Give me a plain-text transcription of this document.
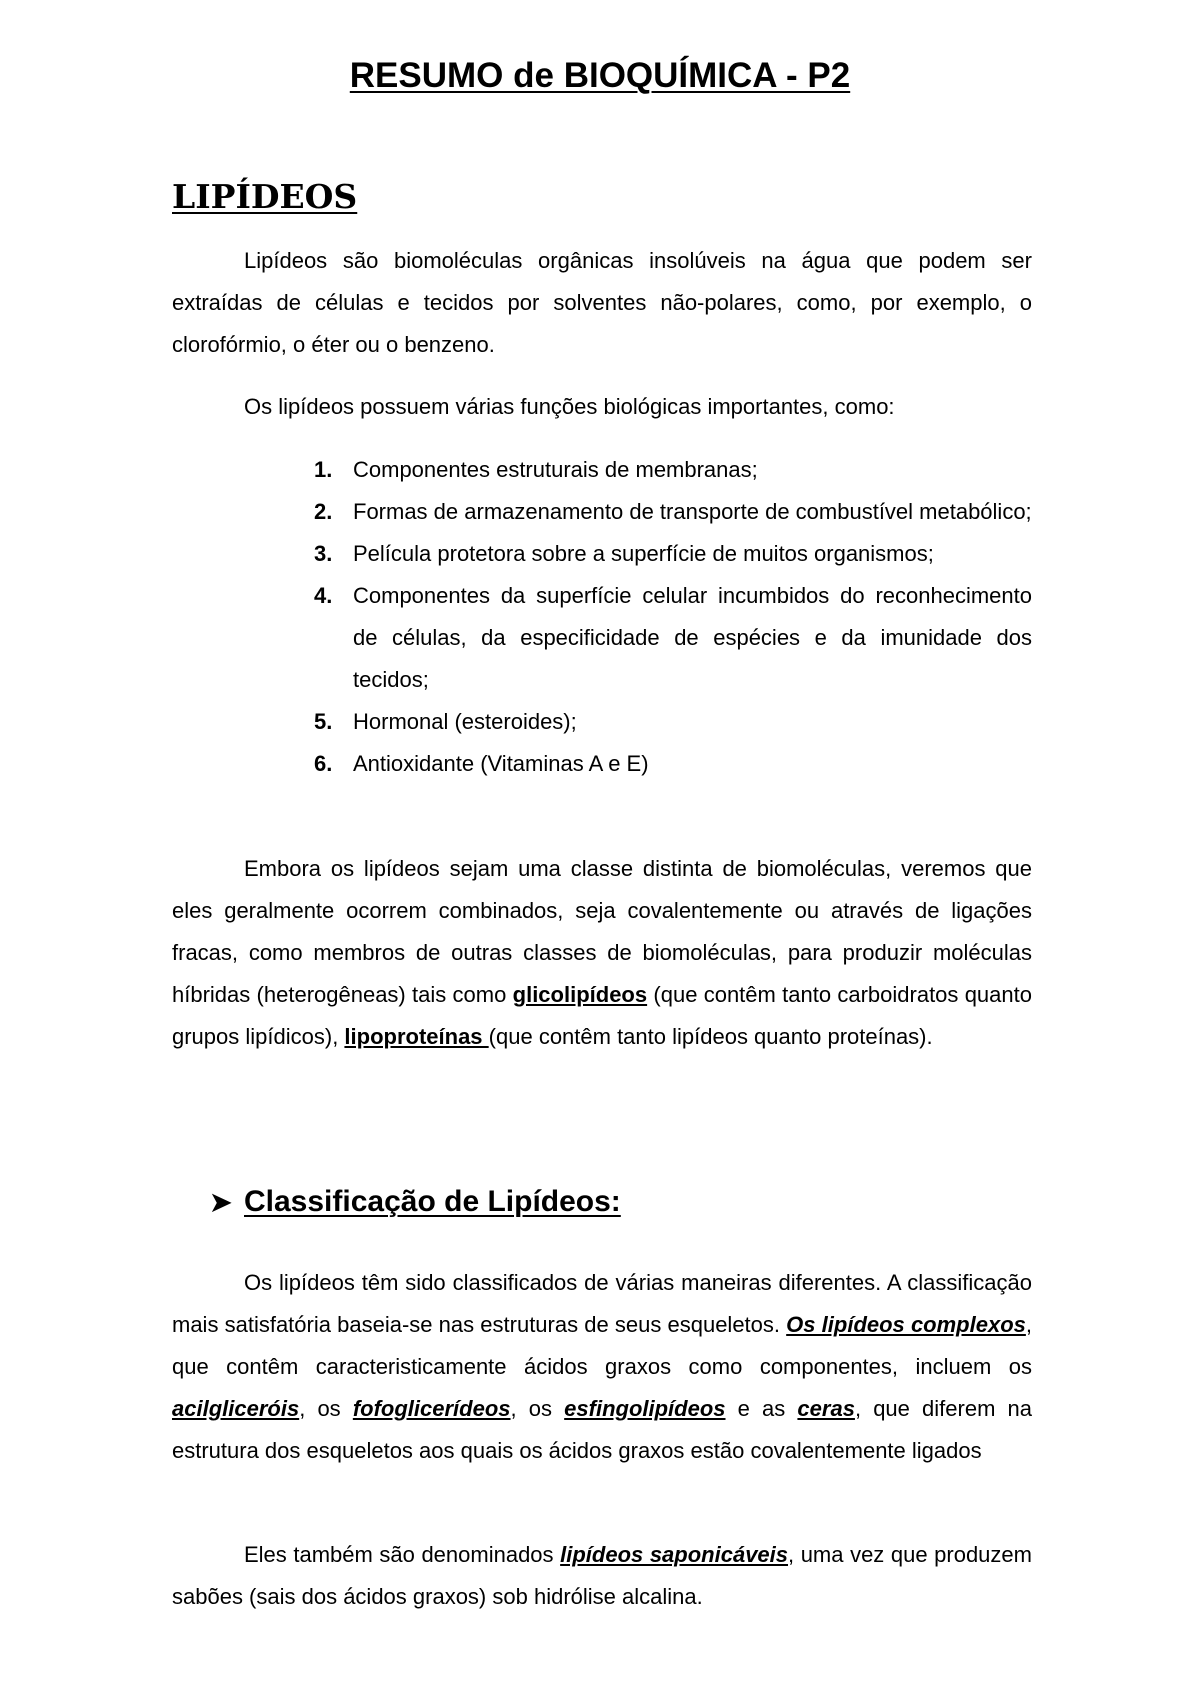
RESUMO de BIOQUÍMICA - P2
LIPÍDEOS

Lipídeos são biomoléculas orgânicas insolúveis na água que podem ser extraídas de células e tecidos por solventes não-polares, como, por exemplo, o clorofórmio, o éter ou o benzeno.

Os lipídeos possuem várias funções biológicas importantes, como:

1. Componentes estruturais de membranas;
2. Formas de armazenamento de transporte de combustível metabólico;
3. Película protetora sobre a superfície de muitos organismos;
4. Componentes da superfície celular incumbidos do reconhecimento de células, da especificidade de espécies e da imunidade dos tecidos;
5. Hormonal (esteroides);
6. Antioxidante (Vitaminas A e E)

Embora os lipídeos sejam uma classe distinta de biomoléculas, veremos que eles geralmente ocorrem combinados, seja covalentemente ou através de ligações fracas, como membros de outras classes de biomoléculas, para produzir moléculas híbridas (heterogêneas) tais como glicolipídeos (que contêm tanto carboidratos quanto grupos lipídicos), lipoproteínas (que contêm tanto lipídeos quanto proteínas).

➤ Classificação de Lipídeos:

Os lipídeos têm sido classificados de várias maneiras diferentes. A classificação mais satisfatória baseia-se nas estruturas de seus esqueletos. Os lipídeos complexos, que contêm caracteristicamente ácidos graxos como componentes, incluem os acilgliceróis, os fofoglicerídeos, os esfingolipídeos e as ceras, que diferem na estrutura dos esqueletos aos quais os ácidos graxos estão covalentemente ligados

Eles também são denominados lipídeos saponicáveis, uma vez que produzem sabões (sais dos ácidos graxos) sob hidrólise alcalina.
